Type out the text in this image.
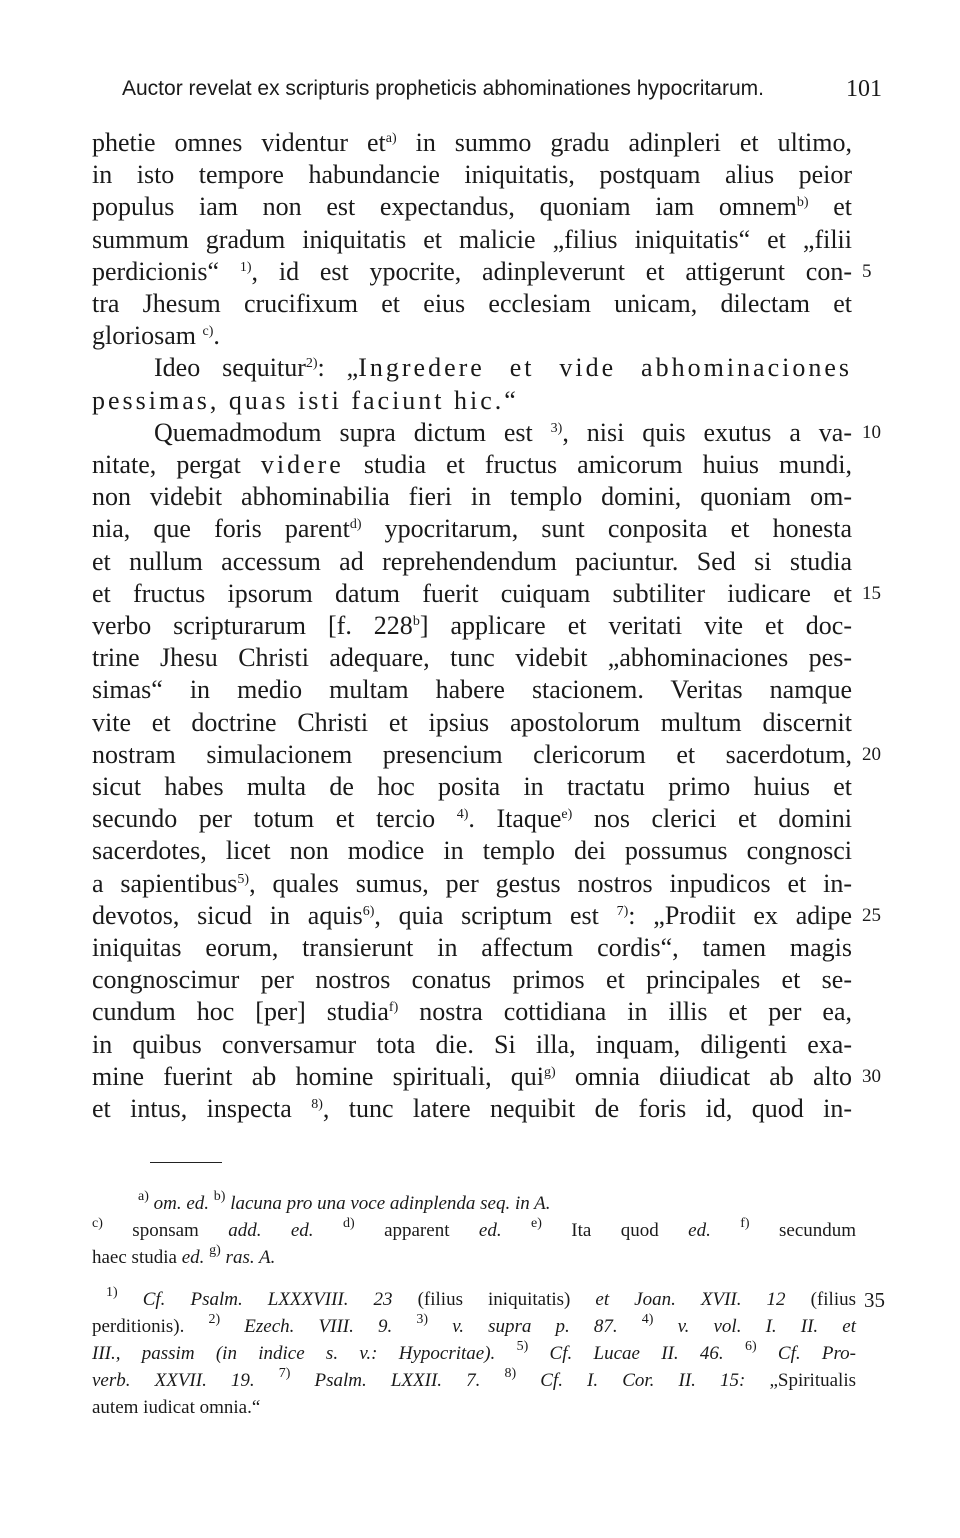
Auctor revelat ex scripturis propheticis abhominationes hypocritarum.	101
phetie omnes videntur $et^{a)}$ in summo gradu adinpleri et ultimo,
in isto tempore habundancie iniquitatis, postquam alius peior
populus iam non est expectandus, quoniam iam omnem$^{b)}$ et
summum gradum iniquitatis et malicie „filius iniquitatis“ et „filii
perdicionis“ $^{1)}$, id est ypocrite, adinpleverunt et attigerunt con- 5
tra Jhesum crucifixum et eius ecclesiam unicam, dilectam et
gloriosam $^{c)}$.
Ideo sequitur$^{2)}$: „Ingredere et vide abhominaciones
pessimas, quas isti faciunt hic.“
Quemadmodum supra dictum est $^{3)}$, nisi quis exutus a va- 10
nitate, pergat videre studia et fructus amicorum huius mundi,
non videbit abhominabilia fieri in templo domini, quoniam om-
nia, que foris parent$^{d)}$ ypocritarum, sunt conposita et honesta
et nullum accessum ad reprehendendum paciuntur. Sed si studia
et fructus ipsorum datum fuerit cuiquam subtiliter iudicare et 15
verbo scripturarum [f. 228$^b$] applicare et veritati vite et doc-
trine Jhesu Christi adequare, tunc videbit „abhominaciones pes-
simas“ in medio multam habere stacionem. Veritas namque
vite et doctrine Christi et ipsius apostolorum multum discernit
nostram simulacionem presencium clericorum et sacerdotum, 20
sicut habes multa de hoc posita in tractatu primo huius et
secundo per totum et tercio $^{4)}$. Itaque$^{e)}$ nos clerici et domini
sacerdotes, licet non modice in templo dei possumus congnosci
a sapientibus$^{5)}$, quales sumus, per gestus nostros inpudicos et in-
devotos, sicud in aquis$^{6)}$, quia scriptum est $^{7)}$: „Prodiit ex adipe 25
iniquitas eorum, transierunt in affectum cordis“, tamen magis
congnoscimur per nostros conatus primos et principales et se-
cundum hoc [per] studia$^{f)}$ nostra cottidiana in illis et per ea,
in quibus conversamur tota die. Si illa, inquam, diligenti exa-
mine fuerint ab homine spirituali, qui$^{g)}$ omnia diiudicat ab alto 30
et intus, inspecta $^{8)}$, tunc latere nequibit de foris id, quod in-
$^{a)}$ om. ed. $^{b)}$ lacuna pro una voce adinplenda seq. in A.
$^{c)}$ sponsam add. ed. $^{d)}$ apparent ed. $^{e)}$ Ita quod ed. $^{f)}$ secundum
haec studia ed. $^{g)}$ ras. A.
$^{1)}$ Cf. Psalm. LXXXVIII. 23 (filius iniquitatis) et Joan. XVII. 12 (filius 35
perditionis). $^{2)}$ Ezech. VIII. 9. $^{3)}$ v. supra p. 87. $^{4)}$ v. vol. I. II. et
III., passim (in indice s. v.: Hypocritae). $^{5)}$ Cf. Lucae II. 46. $^{6)}$ Cf. Pro-
verb. XXVII. 19. $^{7)}$ Psalm. LXXII. 7. $^{8)}$ Cf. I. Cor. II. 15: „Spiritualis
autem iudicat omnia.“
